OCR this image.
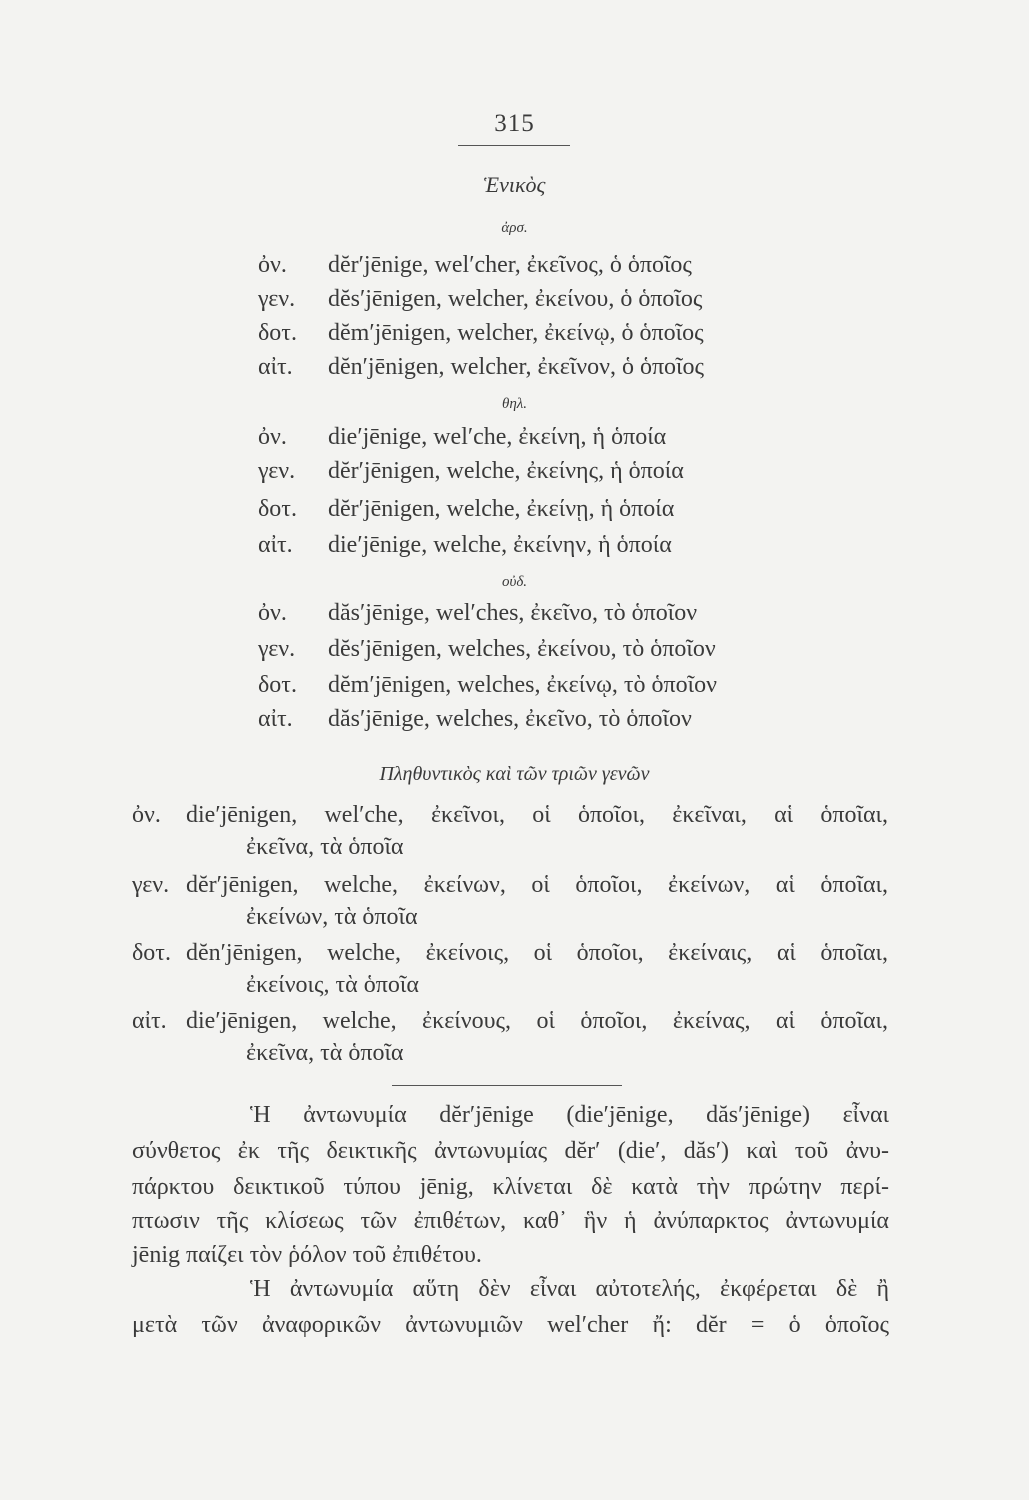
315
Ἑνικὸς
ἀρσ.
ὀν.	dĕr′jēnige, wel′cher, ἐκεῖνος, ὁ ὁποῖος
γεν.	dĕs′jēnigen, welcher, ἐκείνου, ὁ ὁποῖος
δοτ.	dĕm′jēnigen, welcher, ἐκείνῳ, ὁ ὁποῖος
αἰτ.	dĕn′jēnigen, welcher, ἐκεῖνον, ὁ ὁποῖος
θηλ.
ὀν.	die′jēnige, wel′che, ἐκείνη, ἡ ὁποία
γεν.	dĕr′jēnigen, welche, ἐκείνης, ἡ ὁποία
δοτ.	dĕr′jēnigen, welche, ἐκείνῃ, ἡ ὁποία
αἰτ.	die′jēnige, welche, ἐκείνην, ἡ ὁποία
οὐδ.
ὀν.	dăs′jēnige, wel′ches, ἐκεῖνο, τὸ ὁποῖον
γεν.	dĕs′jēnigen, welches, ἐκείνου, τὸ ὁποῖον
δοτ.	dĕm′jēnigen, welches, ἐκείνῳ, τὸ ὁποῖον
αἰτ.	dăs′jēnige, welches, ἐκεῖνο, τὸ ὁποῖον
Πληθυντικὸς καὶ τῶν τριῶν γενῶν
ὀν. die′jēnigen, wel′che, ἐκεῖνοι, οἱ ὁποῖοι, ἐκεῖναι, αἱ ὁποῖαι,
ἐκεῖνα, τὰ ὁποῖα
γεν. dĕr′jēnigen, welche, ἐκείνων, οἱ ὁποῖοι, ἐκείνων, αἱ ὁποῖαι,
ἐκείνων, τὰ ὁποῖα
δοτ. dĕn′jēnigen, welche, ἐκείνοις, οἱ ὁποῖοι, ἐκείναις, αἱ ὁποῖαι,
ἐκείνοις, τὰ ὁποῖα
αἰτ. die′jēnigen, welche, ἐκείνους, οἱ ὁποῖοι, ἐκείνας, αἱ ὁποῖαι,
ἐκεῖνα, τὰ ὁποῖα
Ἡ ἀντωνυμία dĕr′jēnige (die′jēnige, dăs′jēnige) εἶναι
σύνθετος ἐκ τῆς δεικτικῆς ἀντωνυμίας dĕr′ (die′, dăs′) καὶ τοῦ ἀνυ-
πάρκτου δεικτικοῦ τύπου jēnig, κλίνεται δὲ κατὰ τὴν πρώτην περί-
πτωσιν τῆς κλίσεως τῶν ἐπιθέτων, καθ᾽ ἣν ἡ ἀνύπαρκτος ἀντωνυμία
jēnig παίζει τὸν ῥόλον τοῦ ἐπιθέτου.
Ἡ ἀντωνυμία αὕτη δὲν εἶναι αὐτοτελής, ἐκφέρεται δὲ ἢ
μετὰ τῶν ἀναφορικῶν ἀντωνυμιῶν wel′cher ἤ: dĕr = ὁ ὁποῖος
